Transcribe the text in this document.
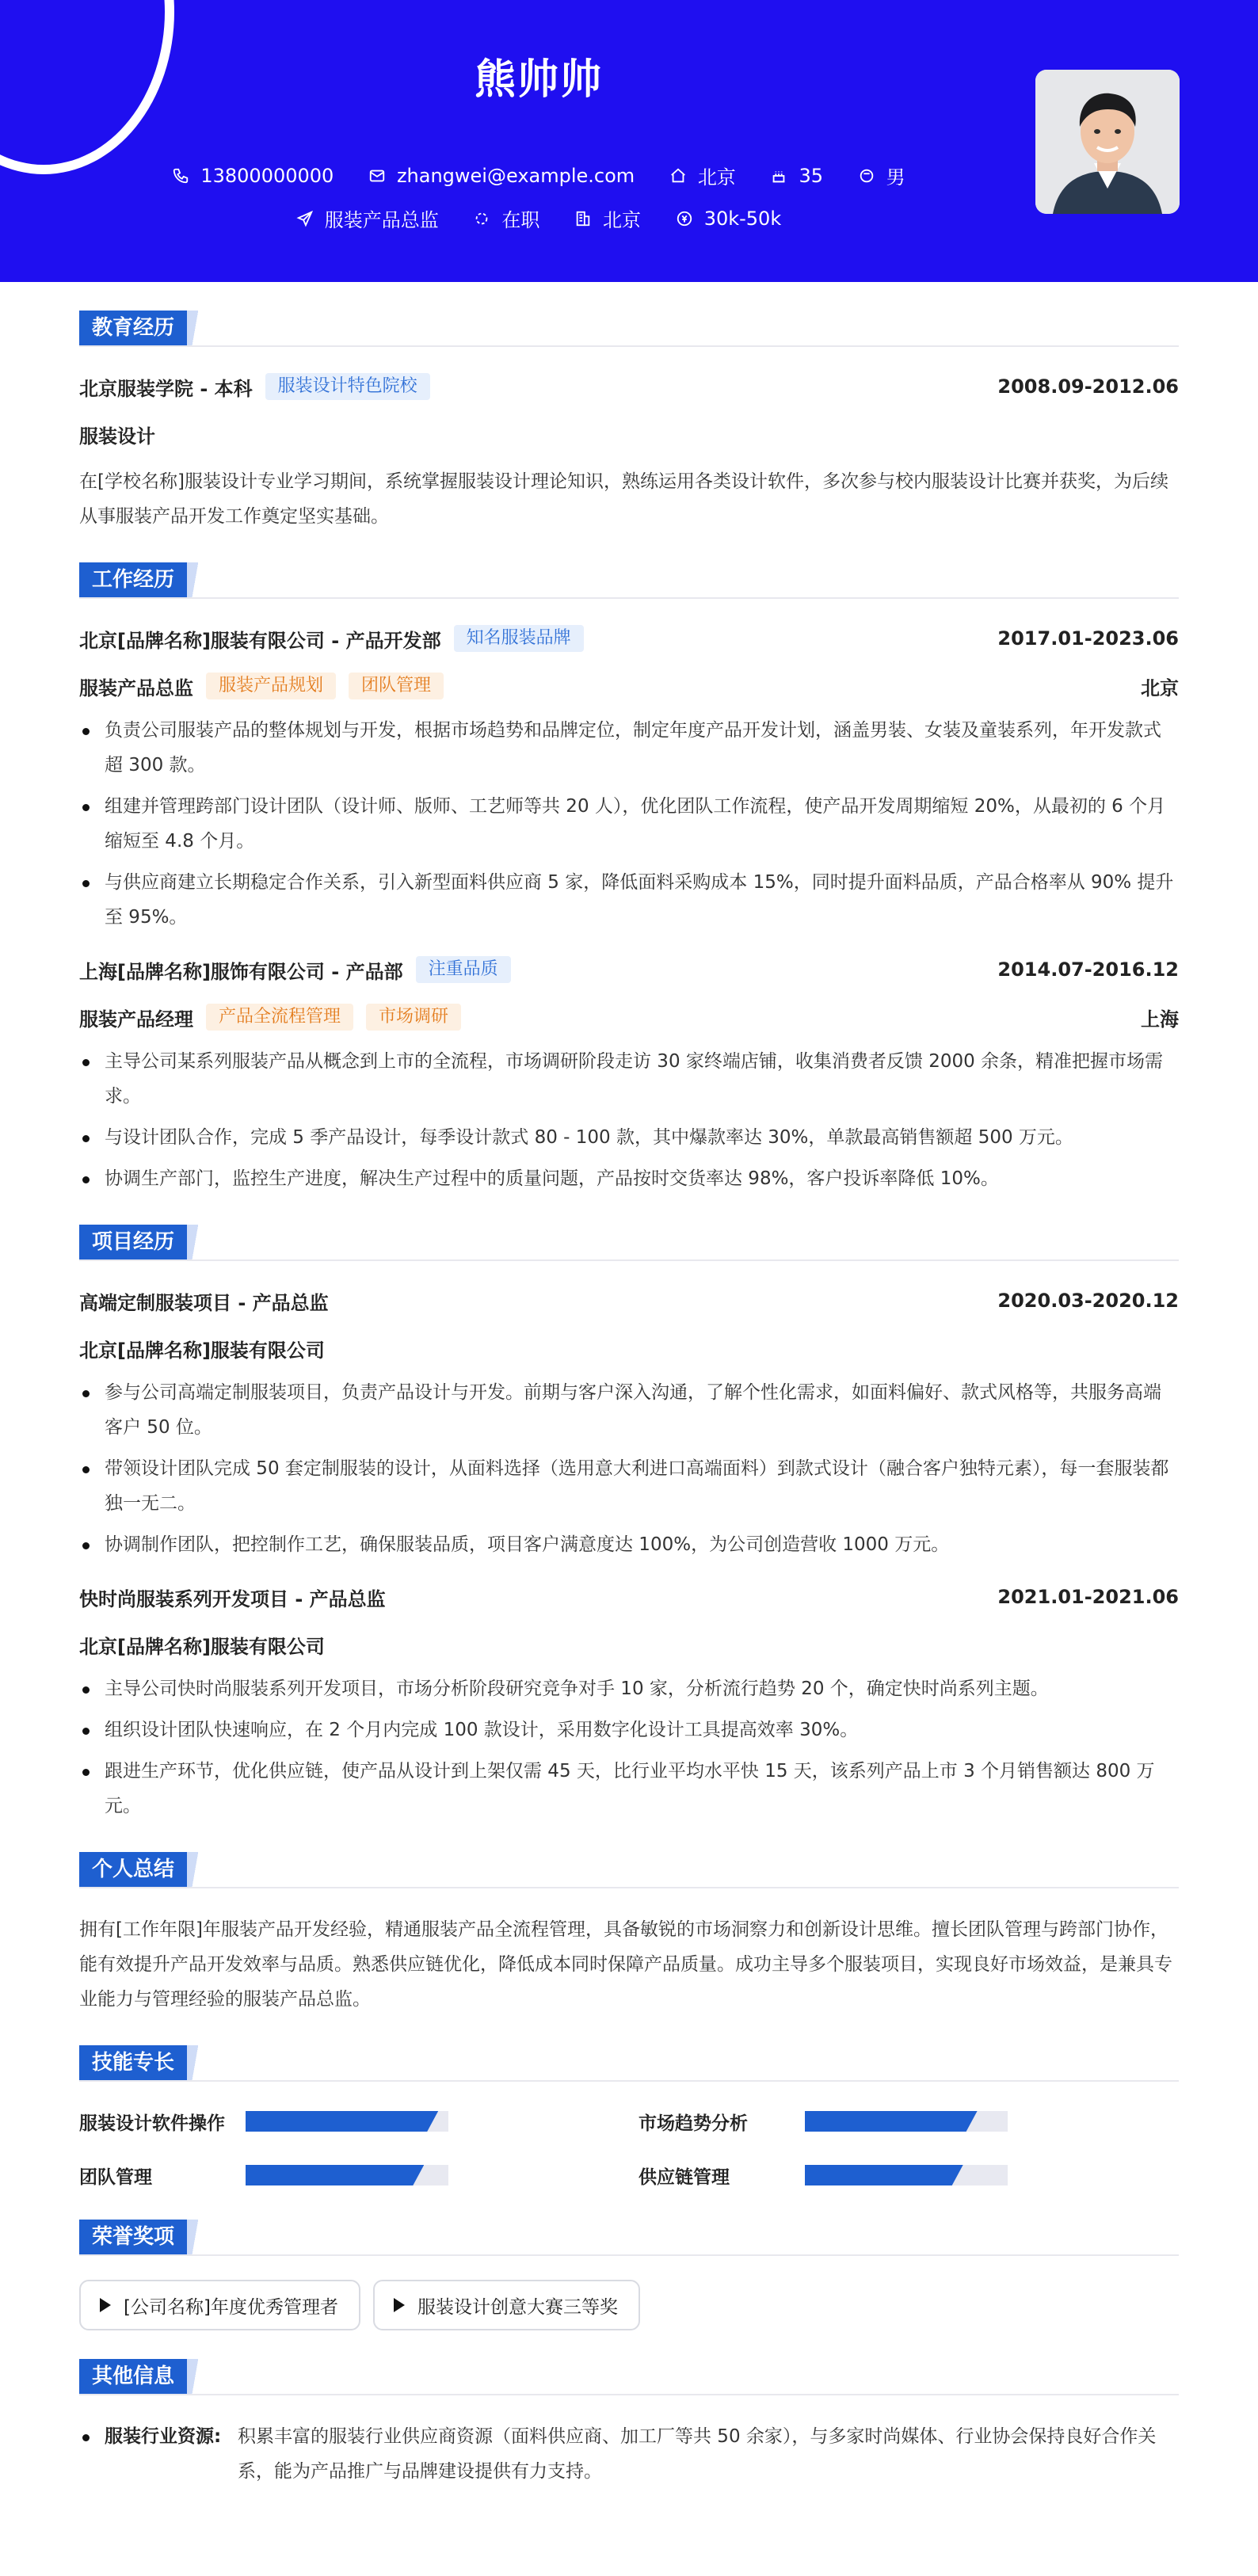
熊帅帅
13800000000
	zhangwei@example.com
	北京
	35
	男
服装产品总监
	在职
	北京
	30k-50k
教育经历
北京服装学院 - 本科	服装设计特色院校	2008.09-2012.06
服装设计
在[学校名称]服装设计专业学习期间，系统掌握服装设计理论知识，熟练运用各类设计软件，多次参与校内服装设计比赛并获奖，为后续从事服装产品开发工作奠定坚实基础。
工作经历
北京[品牌名称]服装有限公司 - 产品开发部	知名服装品牌	2017.01-2023.06
服装产品总监	服装产品规划	团队管理	北京
负责公司服装产品的整体规划与开发，根据市场趋势和品牌定位，制定年度产品开发计划，涵盖男装、女装及童装系列，年开发款式超 300 款。
组建并管理跨部门设计团队（设计师、版师、工艺师等共 20 人），优化团队工作流程，使产品开发周期缩短 20%，从最初的 6 个月缩短至 4.8 个月。
与供应商建立长期稳定合作关系，引入新型面料供应商 5 家，降低面料采购成本 15%，同时提升面料品质，产品合格率从 90% 提升至 95%。
上海[品牌名称]服饰有限公司 - 产品部	注重品质	2014.07-2016.12
服装产品经理	产品全流程管理	市场调研	上海
主导公司某系列服装产品从概念到上市的全流程，市场调研阶段走访 30 家终端店铺，收集消费者反馈 2000 余条，精准把握市场需求。
与设计团队合作，完成 5 季产品设计，每季设计款式 80 - 100 款，其中爆款率达 30%，单款最高销售额超 500 万元。
协调生产部门，监控生产进度，解决生产过程中的质量问题，产品按时交货率达 98%，客户投诉率降低 10%。
项目经历
高端定制服装项目 - 产品总监	2020.03-2020.12
北京[品牌名称]服装有限公司
参与公司高端定制服装项目，负责产品设计与开发。前期与客户深入沟通，了解个性化需求，如面料偏好、款式风格等，共服务高端客户 50 位。
带领设计团队完成 50 套定制服装的设计，从面料选择（选用意大利进口高端面料）到款式设计（融合客户独特元素），每一套服装都独一无二。
协调制作团队，把控制作工艺，确保服装品质，项目客户满意度达 100%，为公司创造营收 1000 万元。
快时尚服装系列开发项目 - 产品总监	2021.01-2021.06
北京[品牌名称]服装有限公司
主导公司快时尚服装系列开发项目，市场分析阶段研究竞争对手 10 家，分析流行趋势 20 个，确定快时尚系列主题。
组织设计团队快速响应，在 2 个月内完成 100 款设计，采用数字化设计工具提高效率 30%。
跟进生产环节，优化供应链，使产品从设计到上架仅需 45 天，比行业平均水平快 15 天，该系列产品上市 3 个月销售额达 800 万元。
个人总结
拥有[工作年限]年服装产品开发经验，精通服装产品全流程管理，具备敏锐的市场洞察力和创新设计思维。擅长团队管理与跨部门协作，能有效提升产品开发效率与品质。熟悉供应链优化，降低成本同时保障产品质量。成功主导多个服装项目，实现良好市场效益，是兼具专业能力与管理经验的服装产品总监。
技能专长
服装设计软件操作	市场趋势分析
团队管理	供应链管理
荣誉奖项
[公司名称]年度优秀管理者	服装设计创意大赛三等奖
其他信息
服装行业资源: 积累丰富的服装行业供应商资源（面料供应商、加工厂等共 50 余家），与多家时尚媒体、行业协会保持良好合作关系，能为产品推广与品牌建设提供有力支持。
